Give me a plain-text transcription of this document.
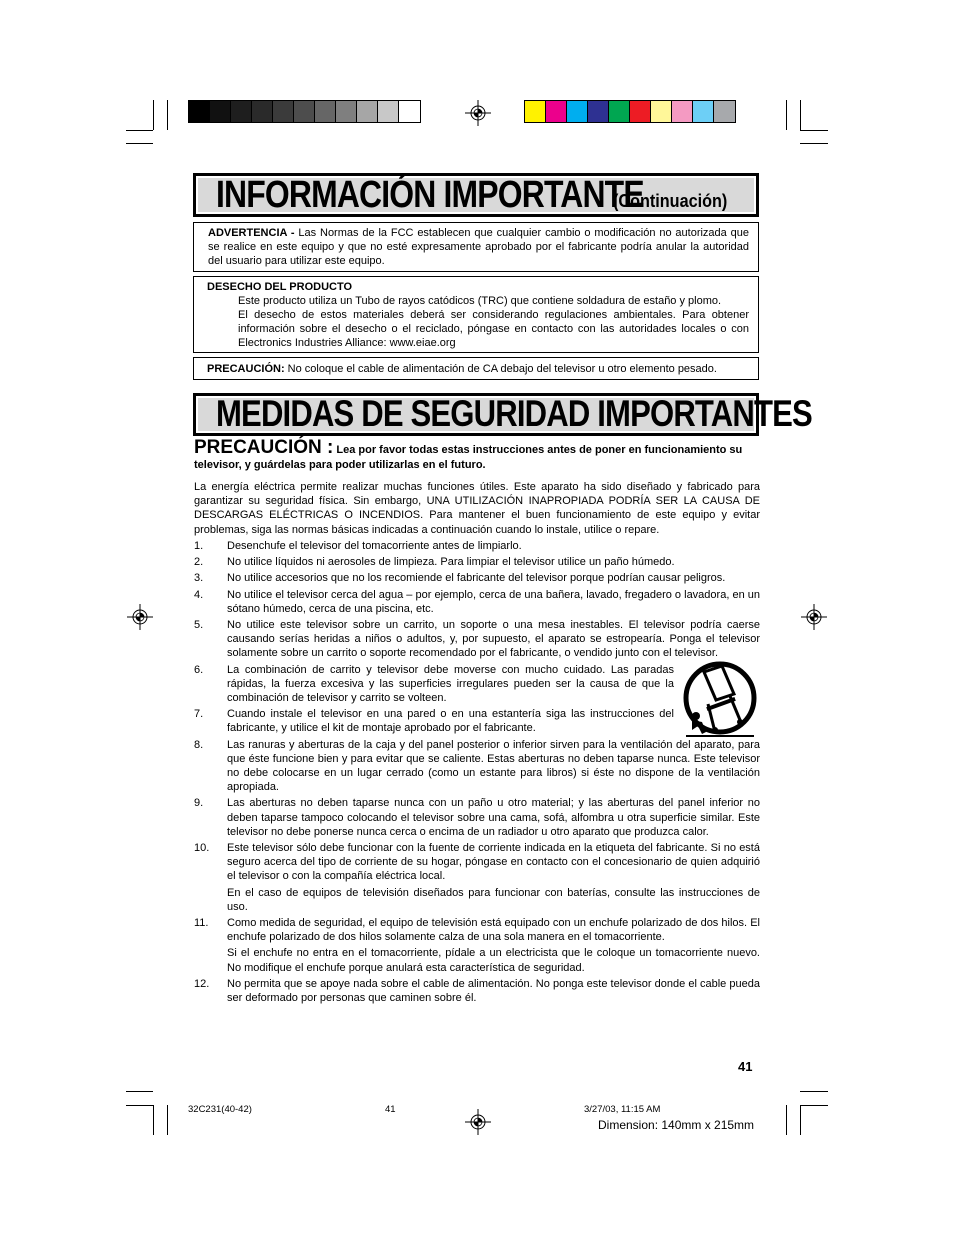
INFORMACIÓN IMPORTANTE
(Continuación)
ADVERTENCIA - Las Normas de la FCC establecen que cualquier cambio o modificación no autorizada que se realice en este equipo y que no esté expresamente aprobado por el fabricante podría anular la autoridad del usuario para utilizar este equipo.
DESECHO DEL PRODUCTO
Este producto utiliza un Tubo de rayos catódicos (TRC) que contiene soldadura de estaño y plomo.
El desecho de estos materiales deberá ser considerando regulaciones ambientales. Para obtener información sobre el desecho o el reciclado, póngase en contacto con las autoridades locales o con Electronics Industries Alliance: www.eiae.org
PRECAUCIÓN: No coloque el cable de alimentación de CA debajo del televisor u otro elemento pesado.
MEDIDAS DE SEGURIDAD IMPORTANTES
PRECAUCIÓN : Lea por favor todas estas instrucciones antes de poner en funcionamiento su televisor, y guárdelas para poder utilizarlas en el futuro.
La energía eléctrica permite realizar muchas funciones útiles. Este aparato ha sido diseñado y fabricado para garantizar su seguridad física. Sin embargo, UNA UTILIZACIÓN INAPROPIADA PODRÍA SER LA CAUSA DE DESCARGAS ELÉCTRICAS O INCENDIOS. Para mantener el buen funcionamiento de este equipo y evitar problemas, siga las normas básicas indicadas a continuación cuando lo instale, utilice o repare.
1. Desenchufe el televisor del tomacorriente antes de limpiarlo.

2. No utilice líquidos ni aerosoles de limpieza. Para limpiar el televisor utilice un paño húmedo.

3. No utilice accesorios que no los recomiende el fabricante del televisor porque podrían causar peligros.

4. No utilice el televisor cerca del agua – por ejemplo, cerca de una bañera, lavado, fregadero o lavadora, en un sótano húmedo, cerca de una piscina, etc.

5. No utilice este televisor sobre un carrito, un soporte o una mesa inestables. El televisor podría caerse causando serías heridas a niños o adultos, y, por supuesto, el aparato se estropearía. Ponga el televisor solamente sobre un carrito o soporte recomendado por el fabricante, o vendido junto con el televisor.

6. La combinación de carrito y televisor debe moverse con mucho cuidado. Las paradas rápidas, la fuerza excesiva y las superficies irregulares pueden ser la causa de que la combinación de televisor y carrito se volteen.

7. Cuando instale el televisor en una pared o en una estantería siga las instrucciones del fabricante, y utilice el kit de montaje aprobado por el fabricante.

8. Las ranuras y aberturas de la caja y del panel posterior o inferior sirven para la ventilación del aparato, para que éste funcione bien y para evitar que se caliente. Estas aberturas no deben taparse nunca. Este televisor no debe colocarse en un lugar cerrado (como un estante para libros) si éste no dispone de la ventilación apropiada.

9. Las aberturas no deben taparse nunca con un paño u otro material; y las aberturas del panel inferior no deben taparse tampoco colocando el televisor sobre una cama, sofá, alfombra u otra superficie similar. Este televisor no debe ponerse nunca cerca o encima de un radiador u otro aparato que produzca calor.

10. Este televisor sólo debe funcionar con la fuente de corriente indicada en la etiqueta del fabricante. Si no está seguro acerca del tipo de corriente de su hogar, póngase en contacto con el concesionario de quien adquirió el televisor o con la compañía eléctrica local.

En el caso de equipos de televisión diseñados para funcionar con baterías, consulte las instrucciones de uso.

11. Como medida de seguridad, el equipo de televisión está equipado con un enchufe polarizado de dos hilos. El enchufe polarizado de dos hilos solamente calza de una sola manera en el tomacorriente.

Si el enchufe no entra en el tomacorriente, pídale a un electricista que le coloque un tomacorriente nuevo. No modifique el enchufe porque anulará esta característica de seguridad.

12. No permita que se apoye nada sobre el cable de alimentación. No ponga este televisor donde el cable pueda ser deformado por personas que caminen sobre él.

41
32C231(40-42)	41	3/27/03, 11:15 AM
Dimension: 140mm x 215mm
